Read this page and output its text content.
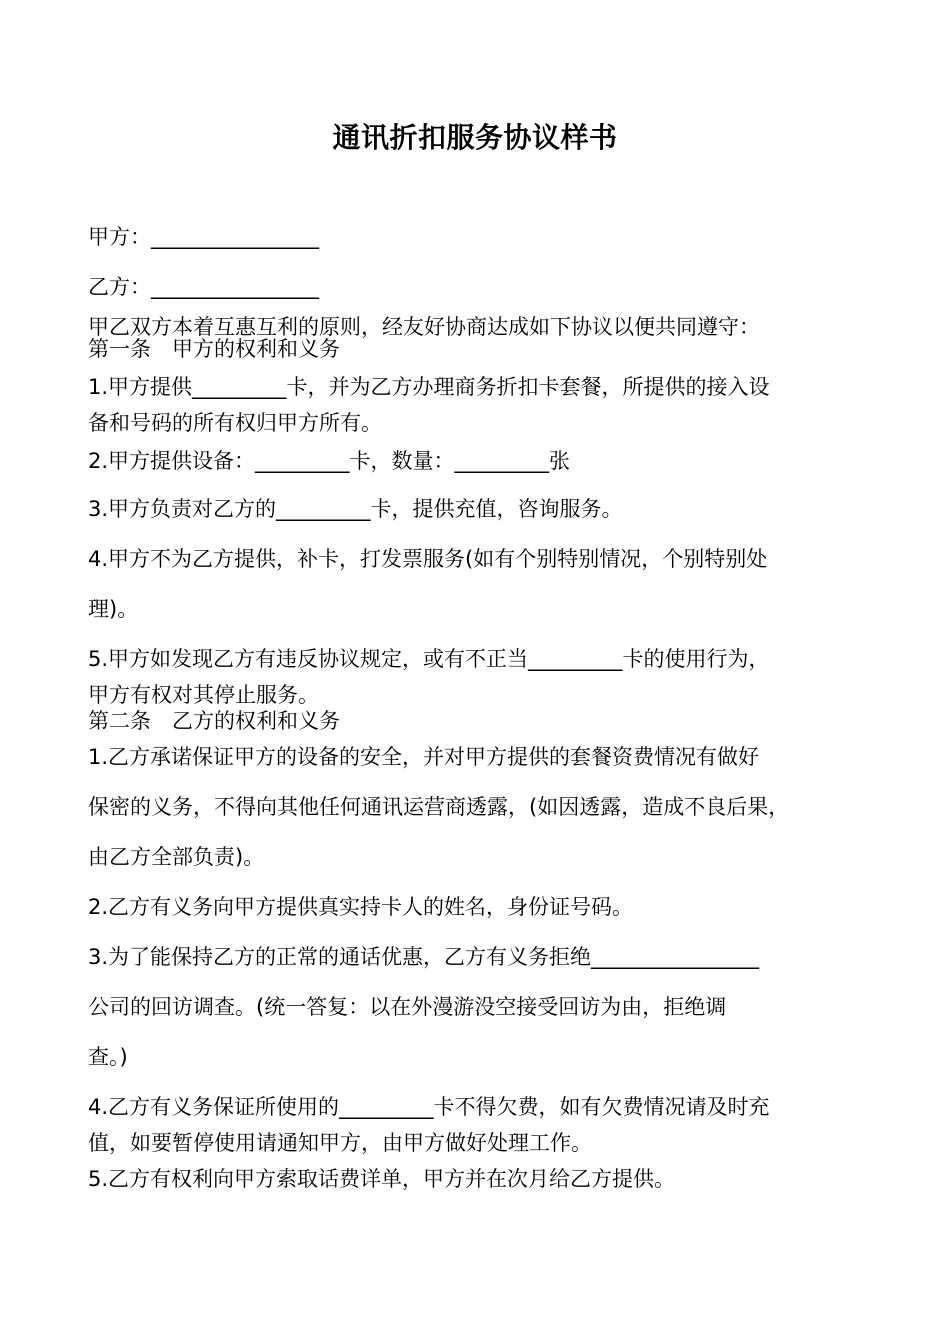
通讯折扣服务协议样书
甲方：________________
乙方：________________
甲乙双方本着互惠互利的原则，经友好协商达成如下协议以便共同遵守：
第一条　甲方的权利和义务
1.甲方提供_________卡，并为乙方办理商务折扣卡套餐，所提供的接入设
备和号码的所有权归甲方所有。
2.甲方提供设备：_________卡，数量：_________张
3.甲方负责对乙方的_________卡，提供充值，咨询服务。
4.甲方不为乙方提供，补卡，打发票服务(如有个别特别情况，个别特别处
理)。
5.甲方如发现乙方有违反协议规定，或有不正当_________卡的使用行为，
甲方有权对其停止服务。
第二条　乙方的权利和义务
1.乙方承诺保证甲方的设备的安全，并对甲方提供的套餐资费情况有做好
保密的义务，不得向其他任何通讯运营商透露，(如因透露，造成不良后果，
由乙方全部负责)。
2.乙方有义务向甲方提供真实持卡人的姓名，身份证号码。
3.为了能保持乙方的正常的通话优惠，乙方有义务拒绝________________
公司的回访调查。(统一答复：以在外漫游没空接受回访为由，拒绝调
查。)
4.乙方有义务保证所使用的_________卡不得欠费，如有欠费情况请及时充
值，如要暂停使用请通知甲方，由甲方做好处理工作。
5.乙方有权利向甲方索取话费详单，甲方并在次月给乙方提供。
